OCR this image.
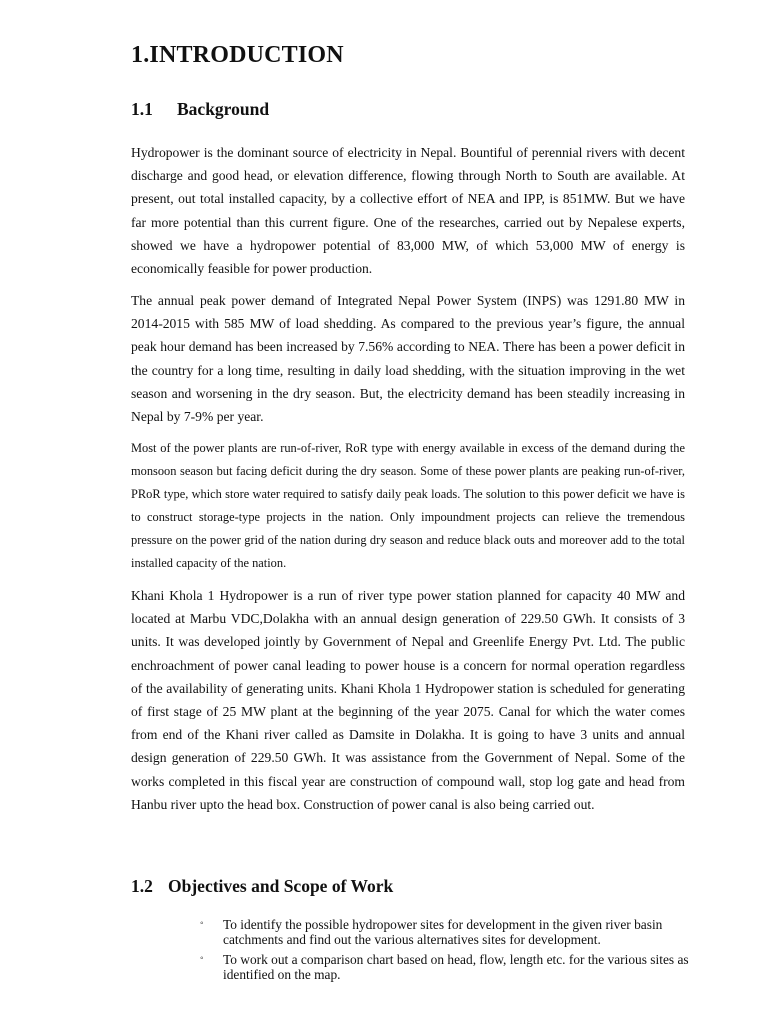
1.INTRODUCTION
1.1 Background

Hydropower is the dominant source of electricity in Nepal. Bountiful of perennial rivers with decent discharge and good head, or elevation difference, flowing through North to South are available. At present, out total installed capacity, by a collective effort of NEA and IPP, is 851MW. But we have far more potential than this current figure. One of the researches, carried out by Nepalese experts, showed we have a hydropower potential of 83,000 MW, of which 53,000 MW of energy is economically feasible for power production.

The annual peak power demand of Integrated Nepal Power System (INPS) was 1291.80 MW in 2014-2015 with 585 MW of load shedding. As compared to the previous year’s figure, the annual peak hour demand has been increased by 7.56% according to NEA. There has been a power deficit in the country for a long time, resulting in daily load shedding, with the situation improving in the wet season and worsening in the dry season. But, the electricity demand has been steadily increasing in Nepal by 7-9% per year.

Most of the power plants are run-of-river, RoR type with energy available in excess of the demand during the monsoon season but facing deficit during the dry season. Some of these power plants are peaking run-of-river, PRoR type, which store water required to satisfy daily peak loads. The solution to this power deficit we have is to construct storage-type projects in the nation. Only impoundment projects can relieve the tremendous pressure on the power grid of the nation during dry season and reduce black outs and moreover add to the total installed capacity of the nation.

Khani Khola 1 Hydropower is a run of river type power station planned for capacity 40 MW and located at Marbu VDC,Dolakha with an annual design generation of 229.50 GWh. It consists of 3 units. It was developed jointly by Government of Nepal and Greenlife Energy Pvt. Ltd. The public enchroachment of power canal leading to power house is a concern for normal operation regardless of the availability of generating units. Khani Khola 1 Hydropower station is scheduled for generating of first stage of 25 MW plant at the beginning of the year 2075. Canal for which the water comes from end of the Khani river called as Damsite in Dolakha. It is going to have 3 units and annual design generation of 229.50 GWh. It was assistance from the Government of Nepal. Some of the works completed in this fiscal year are construction of compound wall, stop log gate and head from Hanbu river upto the head box. Construction of power canal is also being carried out.

1.2 Objectives and Scope of Work
◦ To identify the possible hydropower sites for development in the given river basin catchments and find out the various alternatives sites for development.
◦ To work out a comparison chart based on head, flow, length etc. for the various sites as identified on the map.
